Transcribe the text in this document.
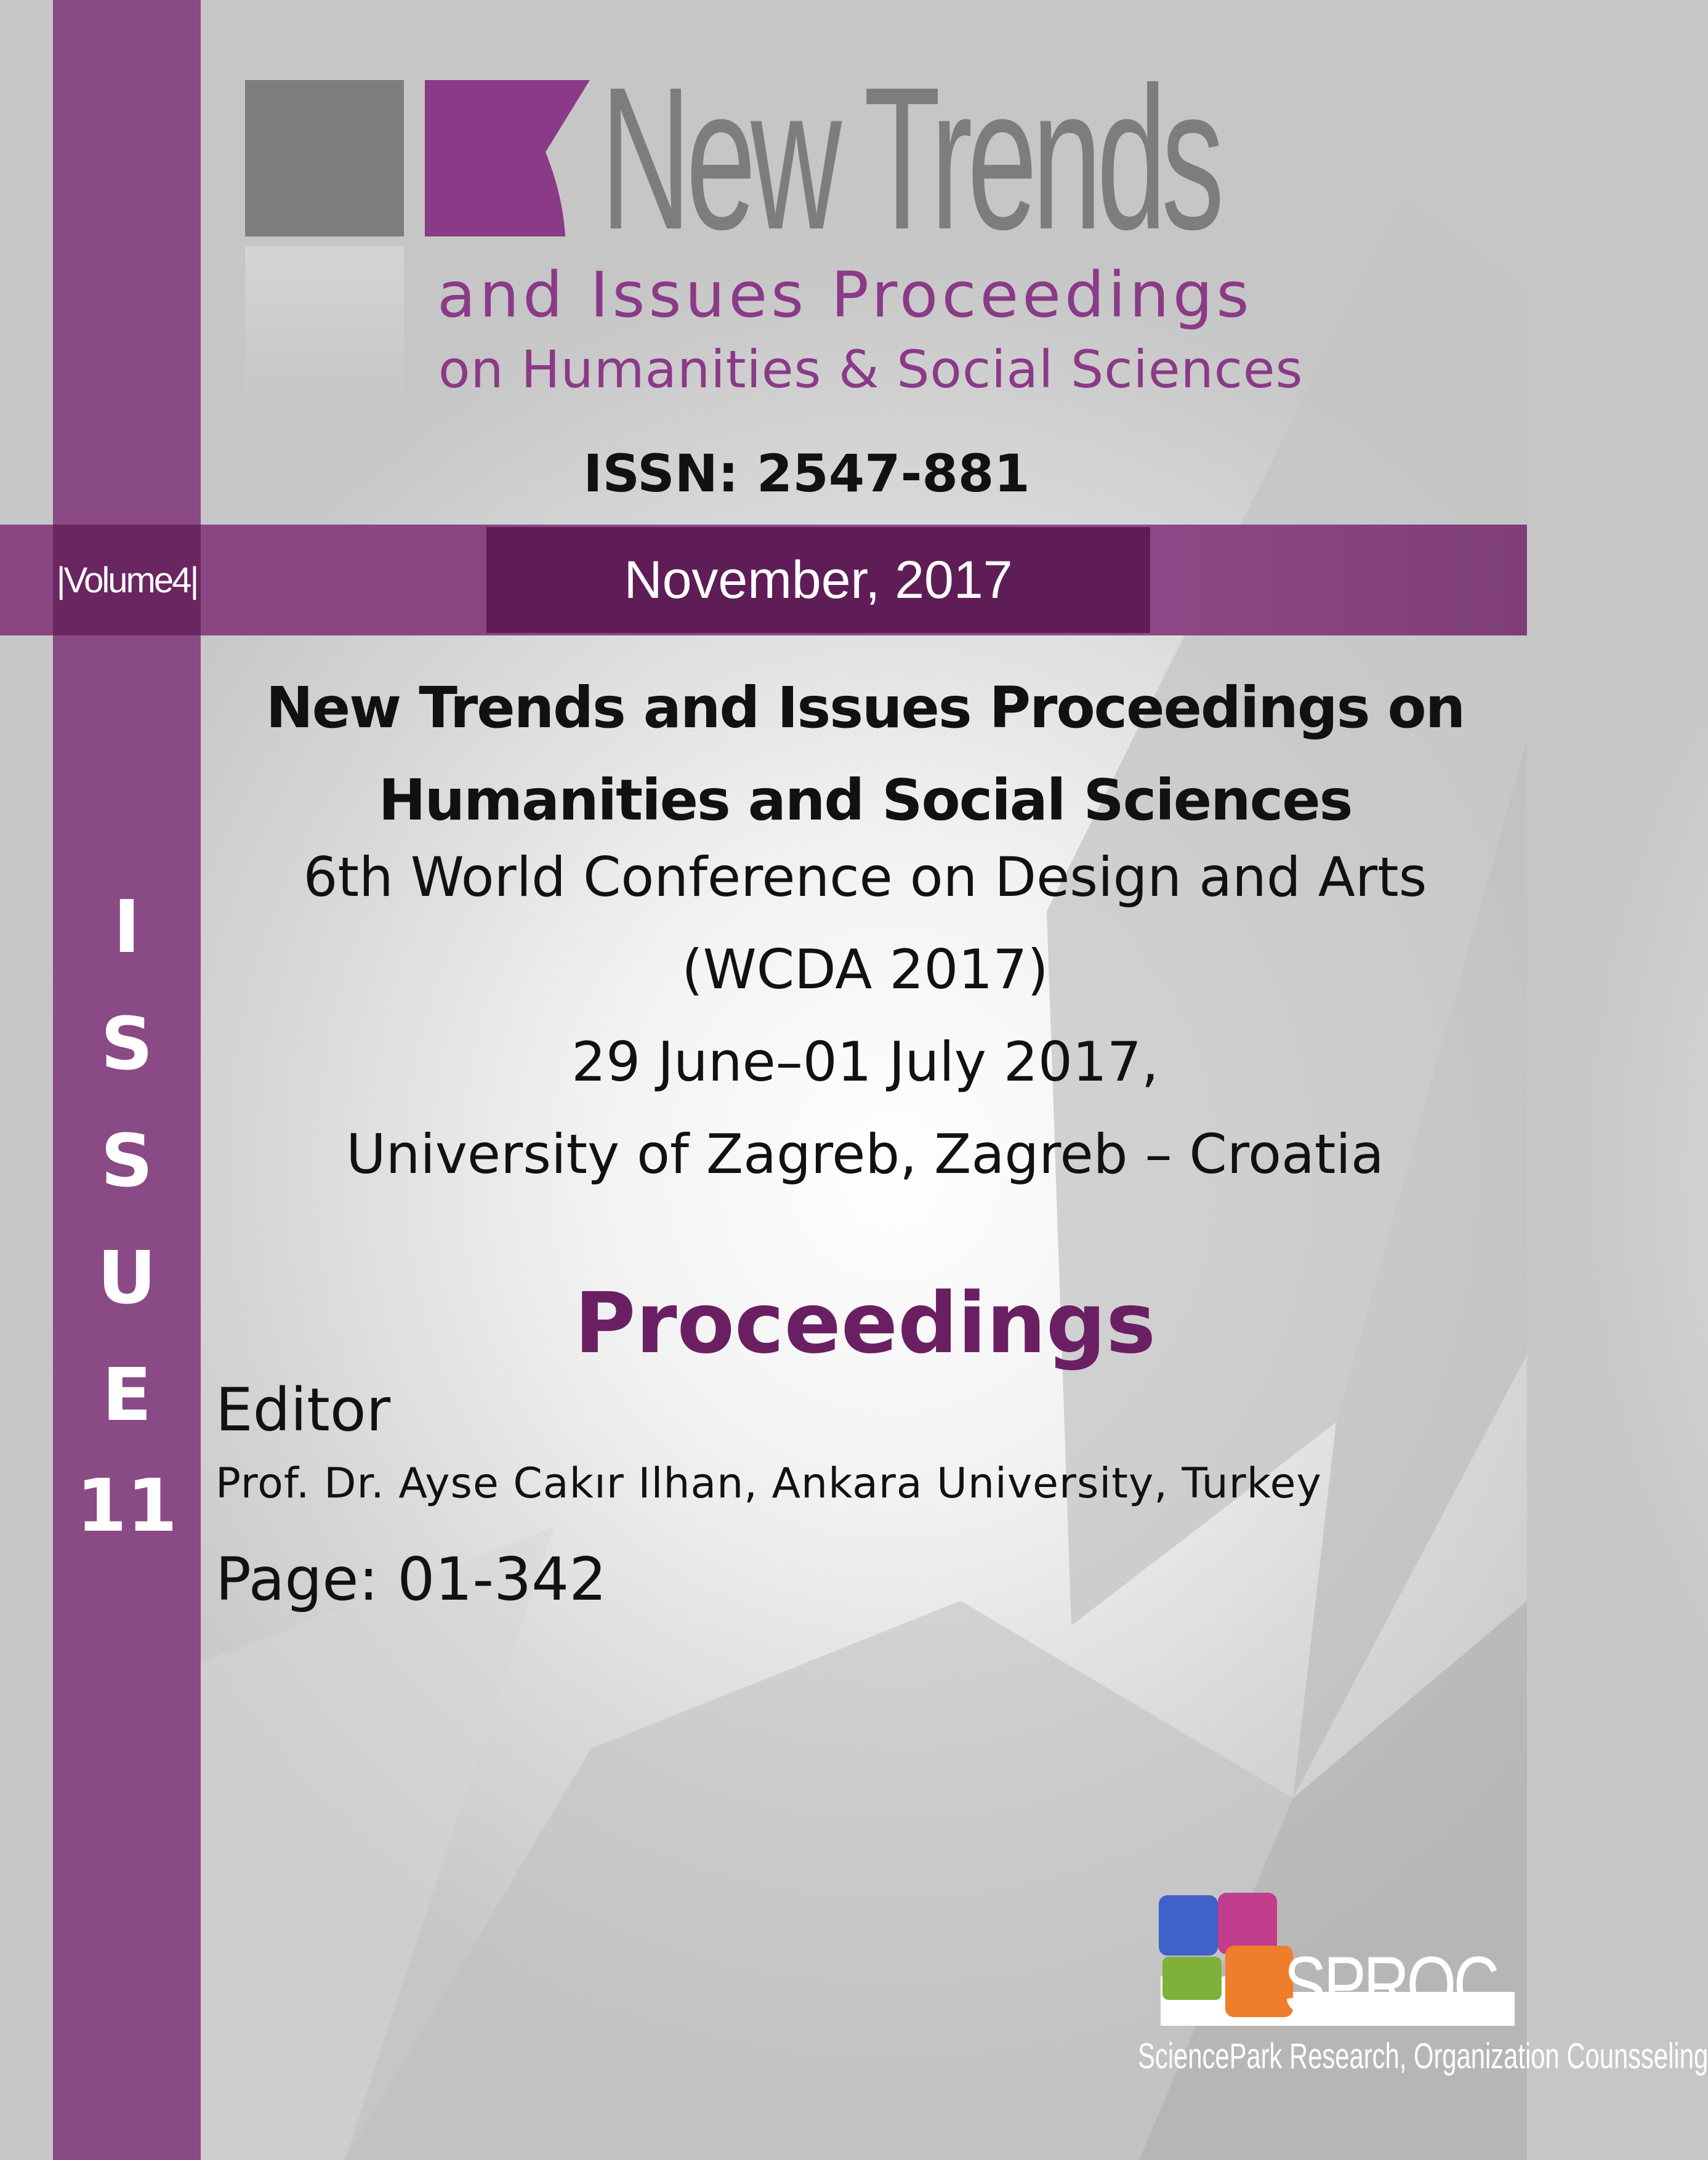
|Volume4|	November, 2017
New Trends
and Issues Proceedings
on Humanities & Social Sciences
ISSN: 2547-881
New Trends and Issues Proceedings on
Humanities and Social Sciences
6th World Conference on Design and Arts
(WCDA 2017)
29 June–01 July 2017,
University of Zagreb, Zagreb – Croatia
Proceedings
Editor
Prof. Dr. Ayse Cakır Ilhan, Ankara University, Turkey
Page: 01-342
I
S
S
U
E
11
SPROC
SciencePark Research, Organization Counsseling
